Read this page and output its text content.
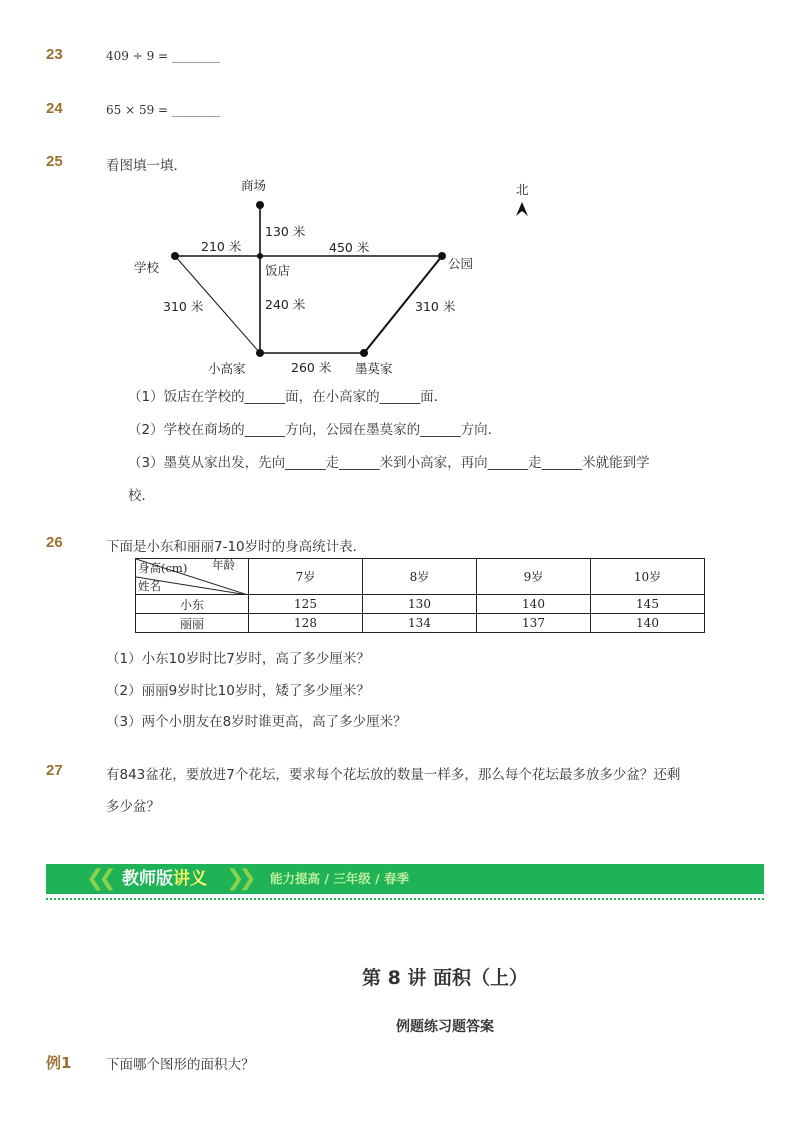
23	409 ÷ 9 = ________
24	65 × 59 = ________
25	看图填一填．
商场
学校	饭店	公园
小高家	墨莫家
130 米
210 米	450 米
310 米	240 米	310 米
260 米
北
（1）饭店在学校的______面，在小高家的______面．
（2）学校在商场的______方向，公园在墨莫家的______方向．
（3）墨莫从家出发，先向______走______米到小高家，再向______走______米就能到学
校．
26	下面是小东和丽丽7-10岁时的身高统计表．
身高(cm) 年龄
姓名	7岁	8岁	9岁	10岁
小东	125	130	140	145
丽丽	128	134	137	140
（1）小东10岁时比7岁时，高了多少厘米？
（2）丽丽9岁时比10岁时，矮了多少厘米？
（3）两个小朋友在8岁时谁更高，高了多少厘米？
27	有843盆花，要放进7个花坛，要求每个花坛放的数量一样多，那么每个花坛最多放多少盆？还剩
多少盆？
❮❮ 教师版讲义 ❯❯ 能力提高 / 三年级 / 春季
第 8 讲 面积（上）
例题练习题答案
例1	下面哪个图形的面积大？
